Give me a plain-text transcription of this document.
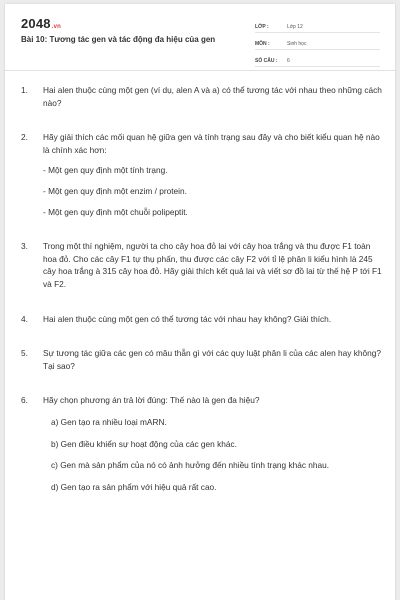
2048.vn
Bài 10: Tương tác gen và tác động đa hiệu của gen
LỚP :	Lớp 12
MÔN :	Sinh học
SỐ CÂU :	6
1.	Hai alen thuộc cùng một gen (ví dụ, alen A và a) có thể tương tác với nhau theo những cách nào?

2.	Hãy giải thích các mối quan hệ giữa gen và tính trạng sau đây và cho biết kiểu quan hệ nào là chính xác hơn:

- Một gen quy định một tính trạng.

- Một gen quy định một enzim / protein.

- Một gen quy định một chuỗi polipeptit.

3.	Trong một thí nghiệm, người ta cho cây hoa đỏ lai với cây hoa trắng và thu được F1 toàn hoa đỏ. Cho các cây F1 tự thụ phấn, thu được các cây F2 với tỉ lệ phân li kiểu hình là 245 cây hoa trắng à 315 cây hoa đỏ. Hãy giải thích kết quả lai và viết sơ đồ lai từ thế hệ P tới F1 và F2.

4.	Hai alen thuộc cùng một gen có thể tương tác với nhau hay không? Giải thích.

5.	Sự tương tác giữa các gen có mâu thẫn gì với các quy luật phân li của các alen hay không? Tại sao?

6.	Hãy chọn phương án trả lời đúng: Thế nào là gen đa hiệu?

a) Gen tạo ra nhiều loại mARN.

b) Gen điều khiển sự hoạt động của các gen khác.

c) Gen mà sản phẩm của nó có ảnh hưởng đến nhiều tính trạng khác nhau.

d) Gen tạo ra sản phẩm với hiệu quả rất cao.
